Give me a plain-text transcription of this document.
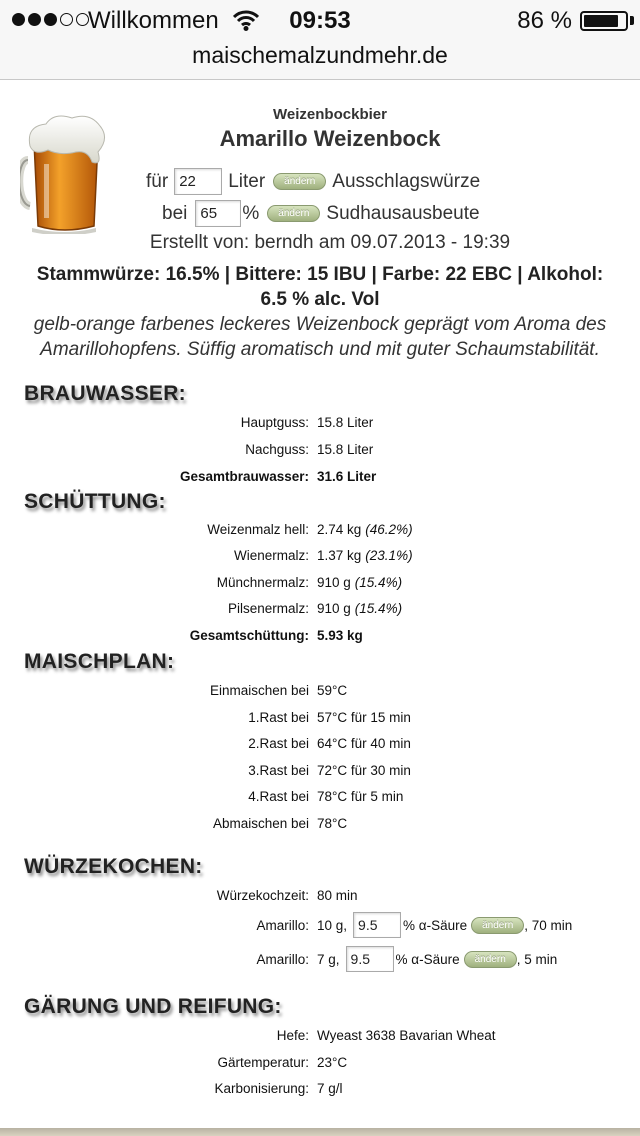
Willkommen	09:53	86 %
maischemalzundmehr.de
Weizenbockbier
Amarillo Weizenbock
für
22	Liter	ändern Ausschlagswürze
bei
65	%	ändern Sudhausausbeute
Erstellt von: berndh am 09.07.2013 - 19:39
Stammwürze: 16.5% | Bittere: 15 IBU | Farbe: 22 EBC | Alkohol:
6.5 % alc. Vol
gelb-orange farbenes leckeres Weizenbock geprägt vom Aroma des
Amarillohopfens. Süffig aromatisch und mit guter Schaumstabilität.
BRAUWASSER:
Hauptguss: 15.8 Liter
Nachguss: 15.8 Liter
Gesamtbrauwasser: 31.6 Liter
SCHÜTTUNG:
Weizenmalz hell: 2.74 kg (46.2%)
Wienermalz: 1.37 kg (23.1%)
Münchnermalz: 910 g (15.4%)
Pilsenermalz: 910 g (15.4%)
Gesamtschüttung: 5.93 kg
MAISCHPLAN:
Einmaischen bei 59°C
1.Rast bei 57°C für 15 min
2.Rast bei 64°C für 40 min
3.Rast bei 72°C für 30 min
4.Rast bei 78°C für 5 min
Abmaischen bei 78°C
WÜRZEKOCHEN:
Würzekochzeit: 80 min
Amarillo: 10 g,
9.5	% α-Säure	ändern , 70 min
Amarillo: 7 g,
9.5	% α-Säure	ändern , 5 min
GÄRUNG UND REIFUNG:
Hefe: Wyeast 3638 Bavarian Wheat
Gärtemperatur: 23°C
Karbonisierung: 7 g/l
